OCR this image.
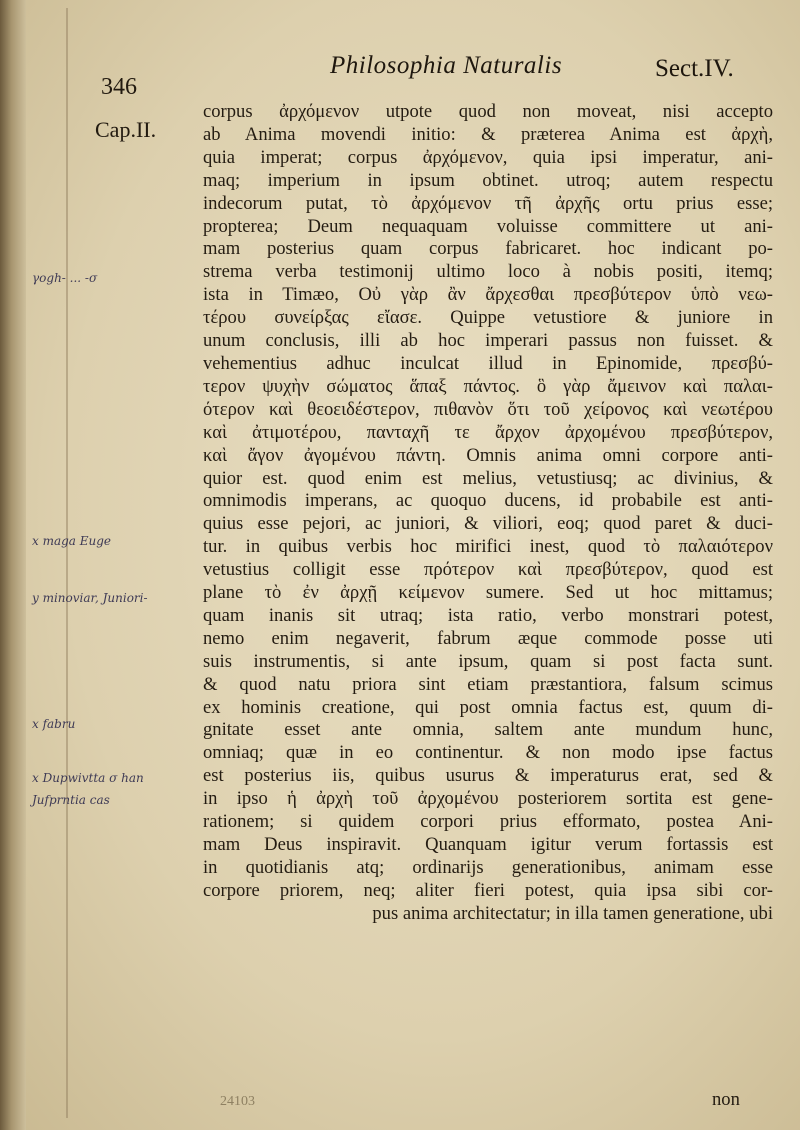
346
Philosophia Naturalis	Sect.IV.
Cap.II.
γοgh- ... -σ
x maga Euge
y minoviar, Juniori-
x fabru
x Dupwivtta σ han
Jufprntia cas
corpus ἀρχόμενον utpote quod non moveat, nisi accepto
ab Anima movendi initio: & præterea Anima est ἀρχὴ,
quia imperat; corpus ἀρχόμενον, quia ipsi imperatur, ani-
maq; imperium in ipsum obtinet. utroq; autem respectu
indecorum putat, τὸ ἀρχόμενον τῆ ἀρχῆς ortu prius esse;
propterea; Deum nequaquam voluisse committere ut ani-
mam posterius quam corpus fabricaret. hoc indicant po-
strema verba testimonij ultimo loco à nobis positi, itemq;
ista in Timæo, Οὐ γὰρ ἂν ἄρχεσθαι πρεσβύτερον ὑπὸ νεω-
τέρου συνείρξας εἴασε. Quippe vetustiore & juniore in
unum conclusis, illi ab hoc imperari passus non fuisset. &
vehementius adhuc inculcat illud in Epinomide, πρεσβύ-
τερον ψυχὴν σώματος ἅπαξ πάντος. ὃ γὰρ ἄμεινον καὶ παλαι-
ότερον καὶ θεοειδέστερον, πιθανὸν ὅτι τοῦ χείρονος καὶ νεωτέρου
καὶ ἀτιμοτέρου, πανταχῆ τε ἄρχον ἀρχομένου πρεσβύτερον,
καὶ ἄγον ἀγομένου πάντη. Omnis anima omni corpore anti-
quior est. quod enim est melius, vetustiusq; ac divinius, &
omnimodis imperans, ac quoquo ducens, id probabile est anti-
quius esse pejori, ac juniori, & viliori, eoq; quod paret & duci-
tur. in quibus verbis hoc mirifici inest, quod τὸ παλαιότερον
vetustius colligit esse πρότερον καὶ πρεσβύτερον, quod est
plane τὸ ἐν ἀρχῇ κείμενον sumere. Sed ut hoc mittamus;
quam inanis sit utraq; ista ratio, verbo monstrari potest,
nemo enim negaverit, fabrum æque commode posse uti
suis instrumentis, si ante ipsum, quam si post facta sunt.
& quod natu priora sint etiam præstantiora, falsum scimus
ex hominis creatione, qui post omnia factus est, quum di-
gnitate esset ante omnia, saltem ante mundum hunc,
omniaq; quæ in eo continentur. & non modo ipse factus
est posterius iis, quibus usurus & imperaturus erat, sed &
in ipso ἡ ἀρχὴ τοῦ ἀρχομένου posteriorem sortita est gene-
rationem; si quidem corpori prius efformato, postea Ani-
mam Deus inspiravit. Quanquam igitur verum fortassis est
in quotidianis atq; ordinarijs generationibus, animam esse
corpore priorem, neq; aliter fieri potest, quia ipsa sibi cor-
pus anima architectatur; in illa tamen generatione, ubi
non
24103
